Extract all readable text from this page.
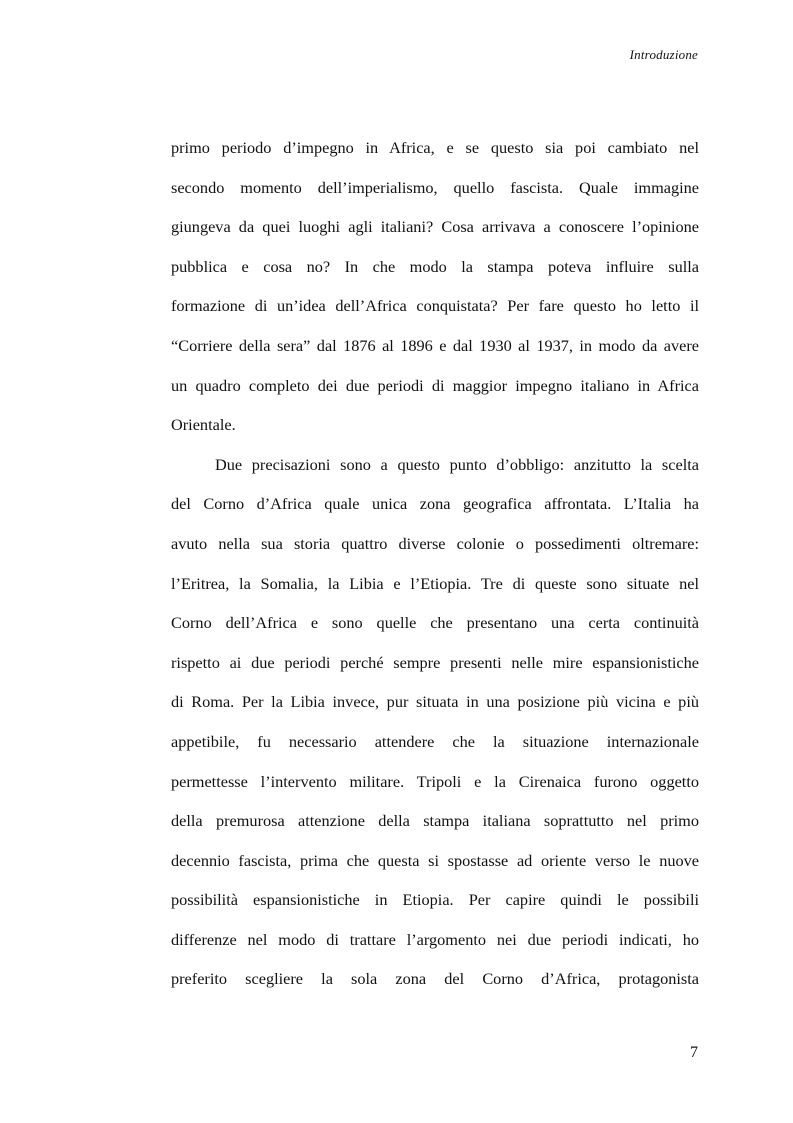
Introduzione
primo periodo d’impegno in Africa, e se questo sia poi cambiato nel
secondo momento dell’imperialismo, quello fascista. Quale immagine
giungeva da quei luoghi agli italiani? Cosa arrivava a conoscere l’opinione
pubblica e cosa no? In che modo la stampa poteva influire sulla
formazione di un’idea dell’Africa conquistata? Per fare questo ho letto il
“Corriere della sera” dal 1876 al 1896 e dal 1930 al 1937, in modo da avere
un quadro completo dei due periodi di maggior impegno italiano in Africa
Orientale.
Due precisazioni sono a questo punto d’obbligo: anzitutto la scelta
del Corno d’Africa quale unica zona geografica affrontata. L’Italia ha
avuto nella sua storia quattro diverse colonie o possedimenti oltremare:
l’Eritrea, la Somalia, la Libia e l’Etiopia. Tre di queste sono situate nel
Corno dell’Africa e sono quelle che presentano una certa continuità
rispetto ai due periodi perché sempre presenti nelle mire espansionistiche
di Roma. Per la Libia invece, pur situata in una posizione più vicina e più
appetibile, fu necessario attendere che la situazione internazionale
permettesse l’intervento militare. Tripoli e la Cirenaica furono oggetto
della premurosa attenzione della stampa italiana soprattutto nel primo
decennio fascista, prima che questa si spostasse ad oriente verso le nuove
possibilità espansionistiche in Etiopia. Per capire quindi le possibili
differenze nel modo di trattare l’argomento nei due periodi indicati, ho
preferito scegliere la sola zona del Corno d’Africa, protagonista
7
